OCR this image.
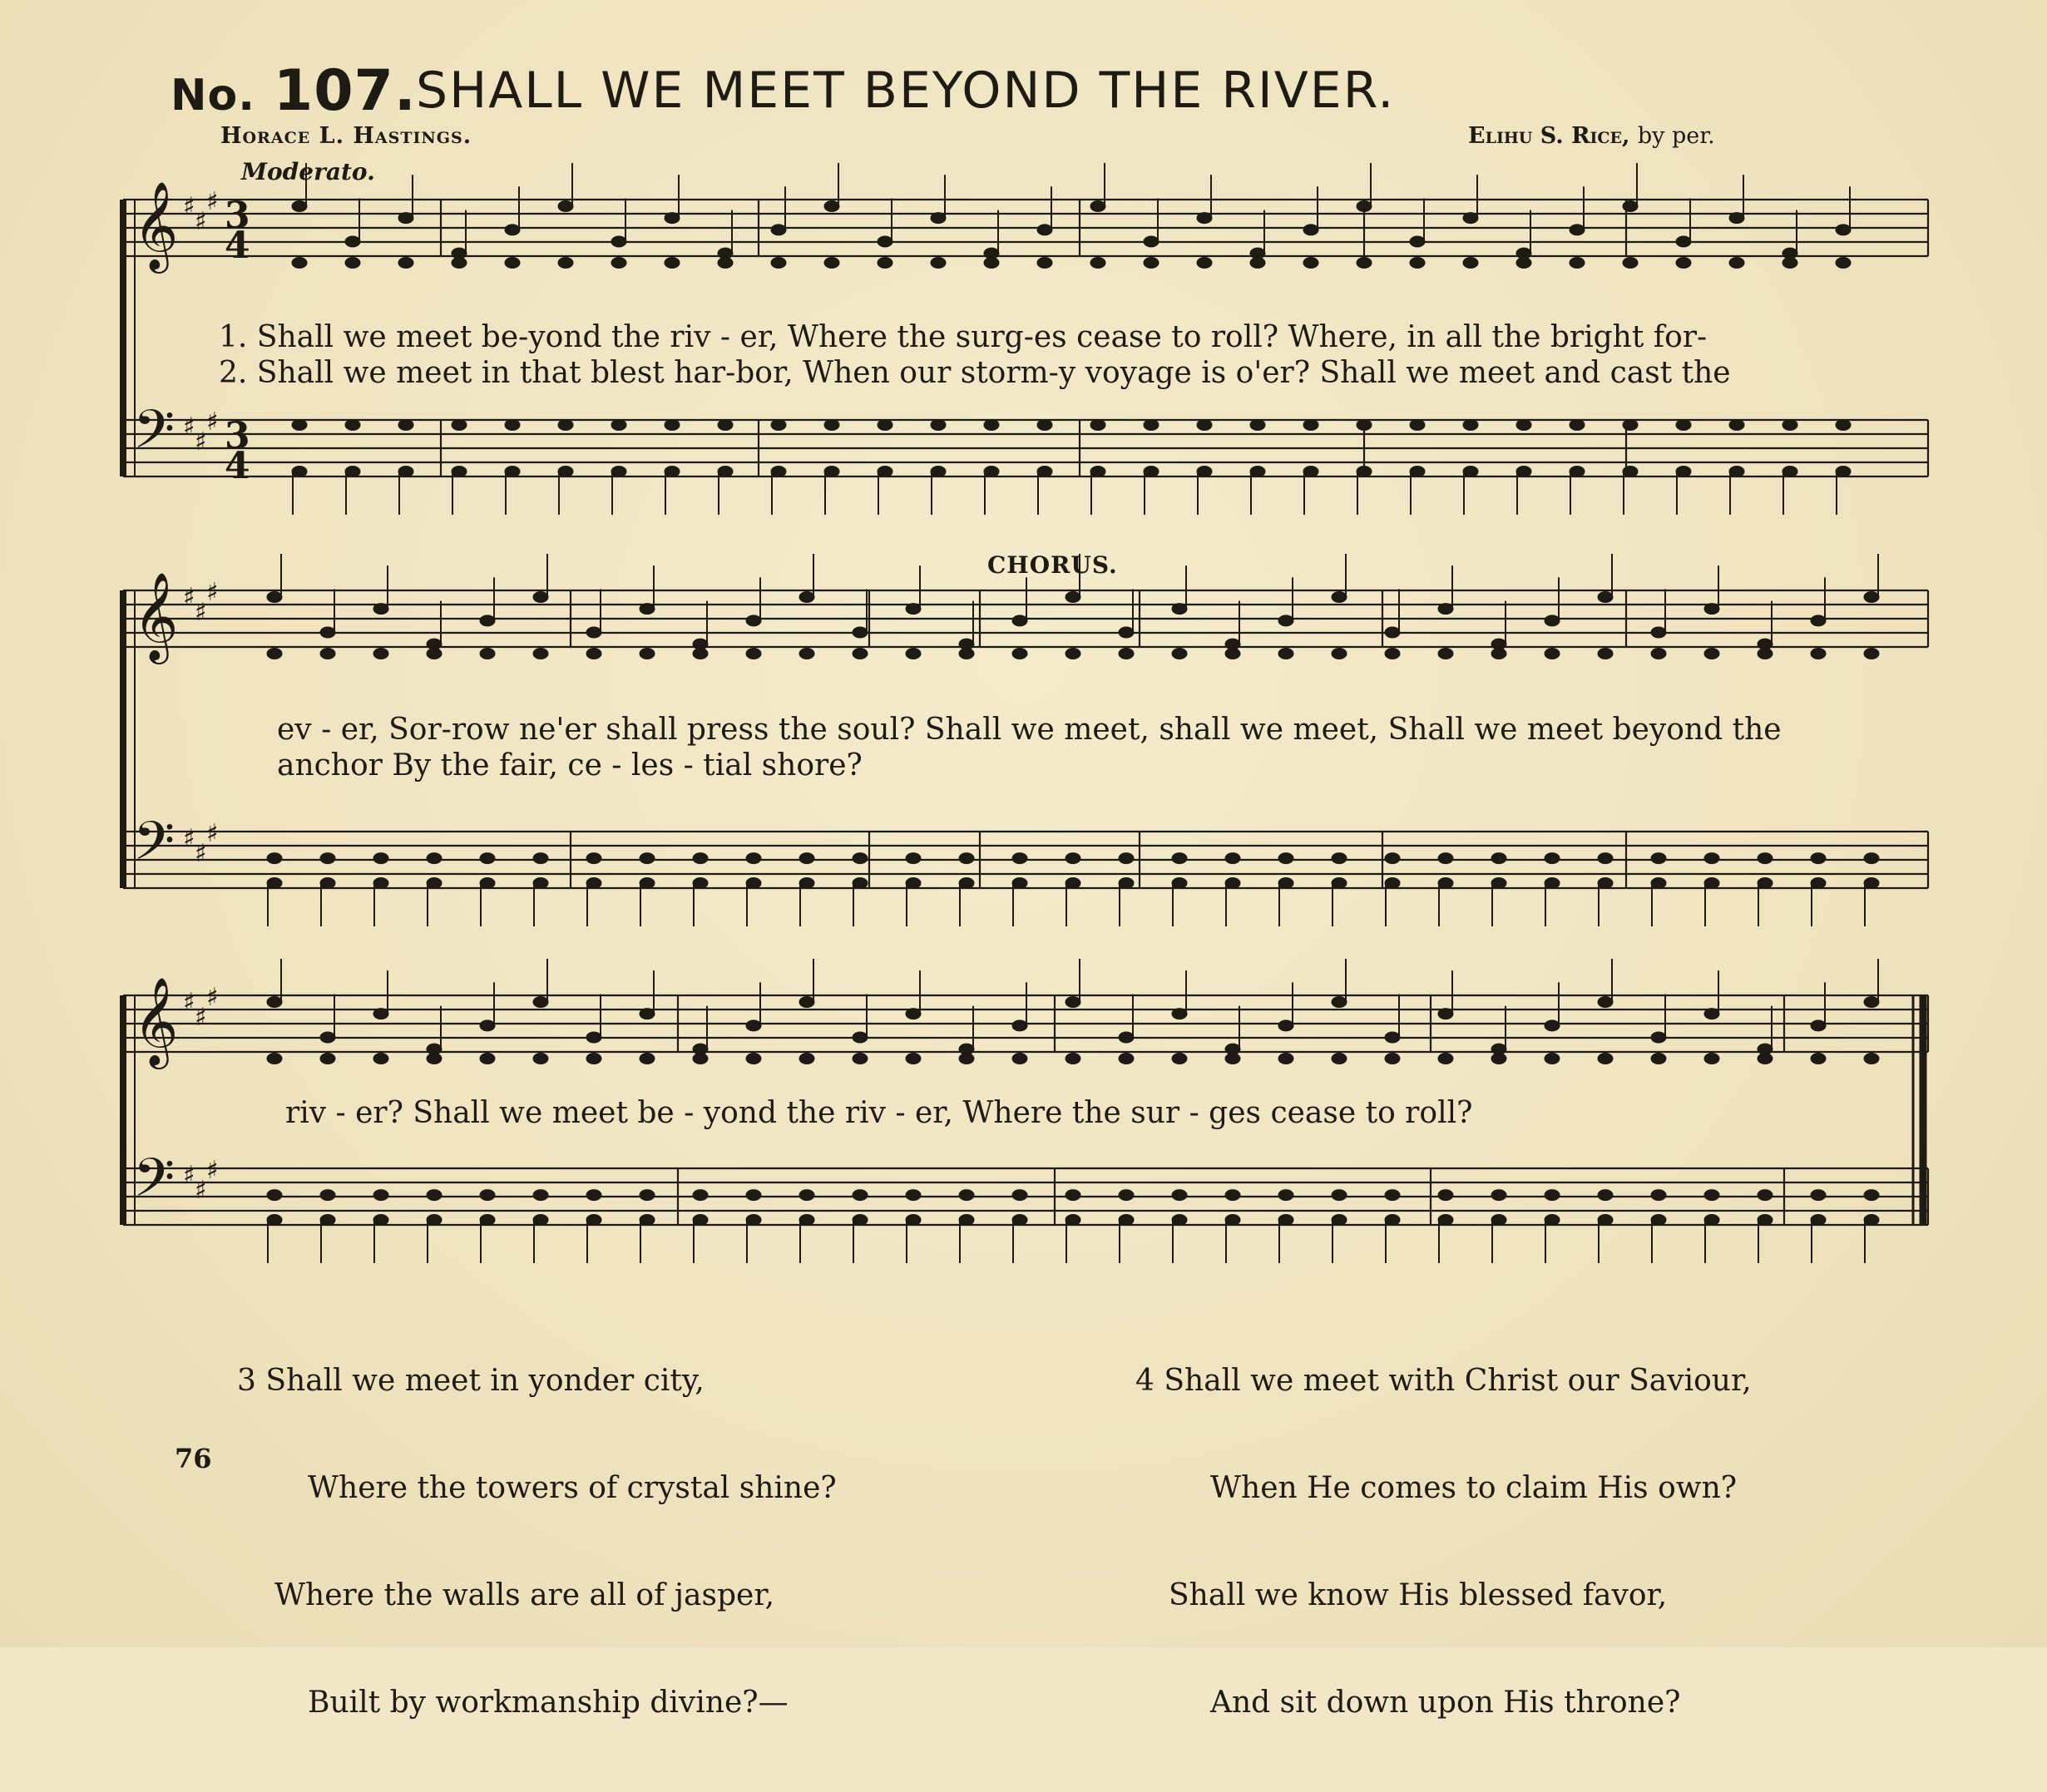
No. 107. SHALL WE MEET BEYOND THE RIVER.
Horace L. Hastings.	Elihu S. Rice, by per.
Moderato.
𝄞 ♯
♯
♯
𝄢 ♯
♯
♯
3
4
3
4
𝄞 ♯
♯
♯
𝄢 ♯
♯
♯
𝄞 ♯
♯
♯
𝄢 ♯
♯
♯
CHORUS.
1. Shall we meet be-yond the riv - er, Where the surg-es cease to roll? Where, in all the bright for-
2. Shall we meet in that blest har-bor, When our storm-y voyage is o'er? Shall we meet and cast the
ev - er, Sor-row ne'er shall press the soul? Shall we meet, shall we meet, Shall we meet beyond the
anchor By the fair, ce - les - tial shore?
riv - er? Shall we meet be - yond the riv - er, Where the sur - ges cease to roll?

3 Shall we meet in yonder city,

Where the towers of crystal shine?

Where the walls are all of jasper,

Built by workmanship divine?—

4 Shall we meet with Christ our Saviour,

When He comes to claim His own?

Shall we know His blessed favor,

And sit down upon His throne?

76
